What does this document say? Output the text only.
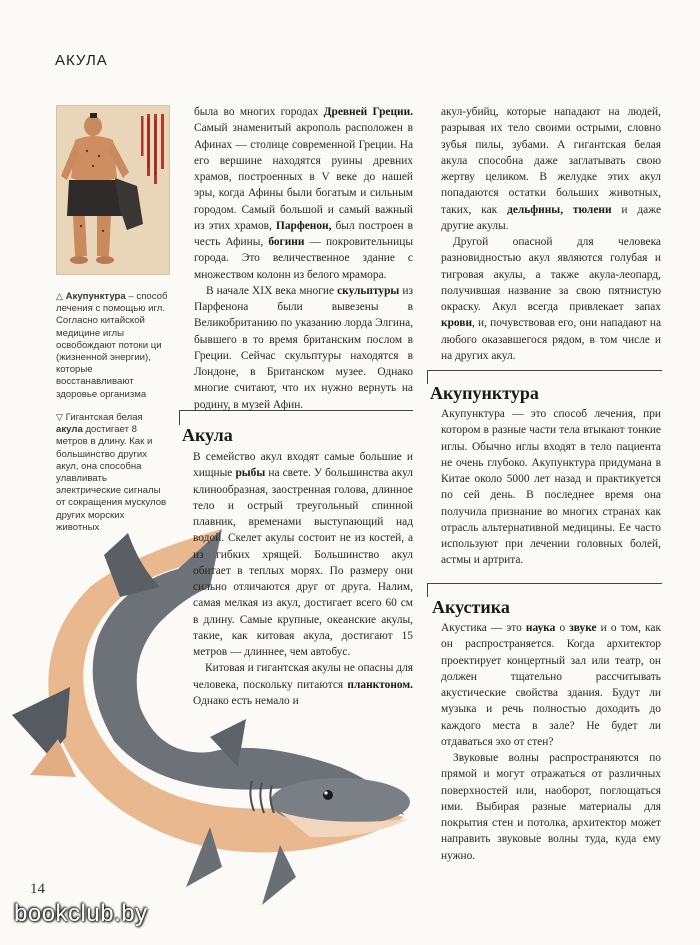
АКУЛА
△ Акупунктура – способ лечения с помощью игл. Согласно китайской медицине иглы освобождают потоки ци (жизненной энергии), которые восстанавливают здоровье организма
▽ Гигантская белая акула достигает 8 метров в длину. Как и большинство других акул, она способна улавливать электрические сигналы от сокращения мускулов других морских животных

была во многих городах Древней Греции. Самый знаменитый акрополь расположен в Афинах — столице современной Греции. На его вершине находятся руины древних храмов, построенных в V веке до нашей эры, когда Афины были богатым и сильным городом. Самый большой и самый важный из этих храмов, Парфенон, был построен в честь Афины, богини — покровительницы города. Это величественное здание с множеством колонн из белого мрамора.

В начале XIX века многие скульптуры из Парфенона были вывезены в Великобританию по указанию лорда Элгина, бывшего в то время британским послом в Греции. Сейчас скульптуры находятся в Лондоне, в Британском музее. Однако многие считают, что их нужно вернуть на родину, в музей Афин.

Акула

В семейство акул входят самые большие и хищные рыбы на свете. У большинства акул клинообразная, заостренная голова, длинное тело и острый треугольный спинной плавник, временами выступающий над водой. Скелет акулы состоит не из костей, а из гибких хрящей. Большинство акул обитает в теплых морях. По размеру они сильно отличаются друг от друга. Налим, самая мелкая из акул, достигает всего 60 см в длину. Самые крупные, океанские акулы, такие, как китовая акула, достигают 15 метров — длиннее, чем автобус.

Китовая и гигантская акулы не опасны для человека, поскольку питаются планктоном. Однако есть немало и

акул-убийц, которые нападают на людей, разрывая их тело своими острыми, словно зубья пилы, зубами. А гигантская белая акула способна даже заглатывать свою жертву целиком. В желудке этих акул попадаются остатки больших животных, таких, как дельфины, тюлени и даже другие акулы.

Другой опасной для человека разновидностью акул являются голубая и тигровая акулы, а также акула-леопард, получившая название за свою пятнистую окраску. Акул всегда привлекает запах крови, и, почувствовав его, они нападают на любого оказавшегося рядом, в том числе и на других акул.

Акупунктура

Акупунктура — это способ лечения, при котором в разные части тела втыкают тонкие иглы. Обычно иглы входят в тело пациента не очень глубоко. Акупунктура придумана в Китае около 5000 лет назад и практикуется по сей день. В последнее время она получила признание во многих странах как отрасль альтернативной медицины. Ее часто используют при лечении головных болей, астмы и артрита.

Акустика

Акустика — это наука о звуке и о том, как он распространяется. Когда архитектор проектирует концертный зал или театр, он должен тщательно рассчитывать акустические свойства здания. Будут ли музыка и речь полностью доходить до каждого места в зале? Не будет ли отдаваться эхо от стен?

Звуковые волны распространяются по прямой и могут отражаться от различных поверхностей или, наоборот, поглощаться ими. Выбирая разные материалы для покрытия стен и потолка, архитектор может направить звуковые волны туда, куда ему нужно.

14
bookclub.by
